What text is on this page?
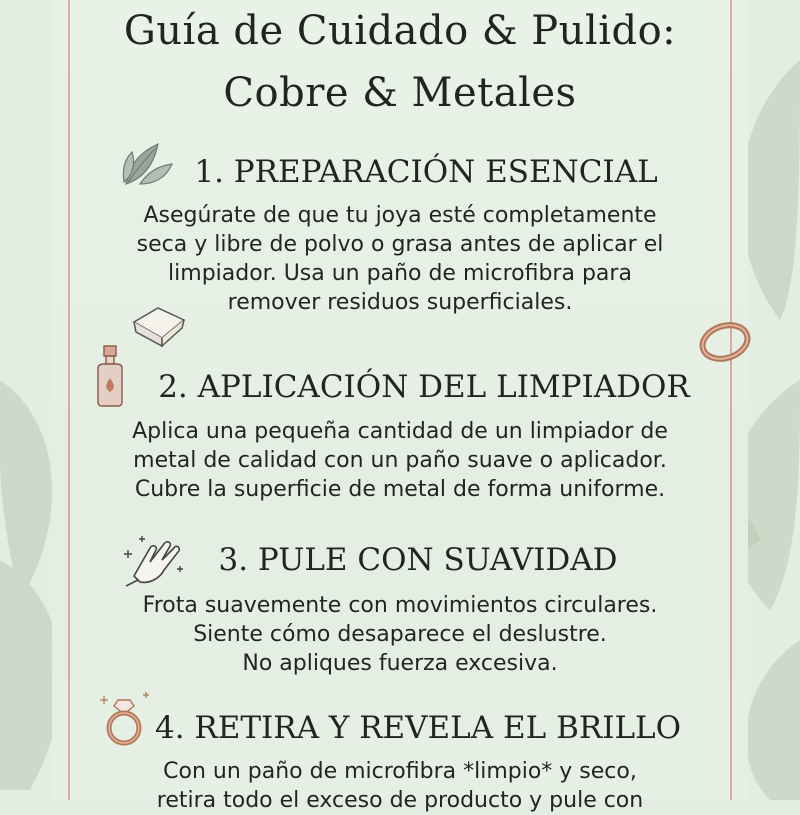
Guía de Cuidado & Pulido:
Cobre & Metales
1. PREPARACIÓN ESENCIAL
Asegúrate de que tu joya esté completamente
seca y libre de polvo o grasa antes de aplicar el
limpiador. Usa un paño de microfibra para
remover residuos superficiales.
2. APLICACIÓN DEL LIMPIADOR
Aplica una pequeña cantidad de un limpiador de
metal de calidad con un paño suave o aplicador.
Cubre la superficie de metal de forma uniforme.
3. PULE CON SUAVIDAD
Frota suavemente con movimientos circulares.
Siente cómo desaparece el deslustre.
No apliques fuerza excesiva.
4. RETIRA Y REVELA EL BRILLO
Con un paño de microfibra *limpio* y seco,
retira todo el exceso de producto y pule con
